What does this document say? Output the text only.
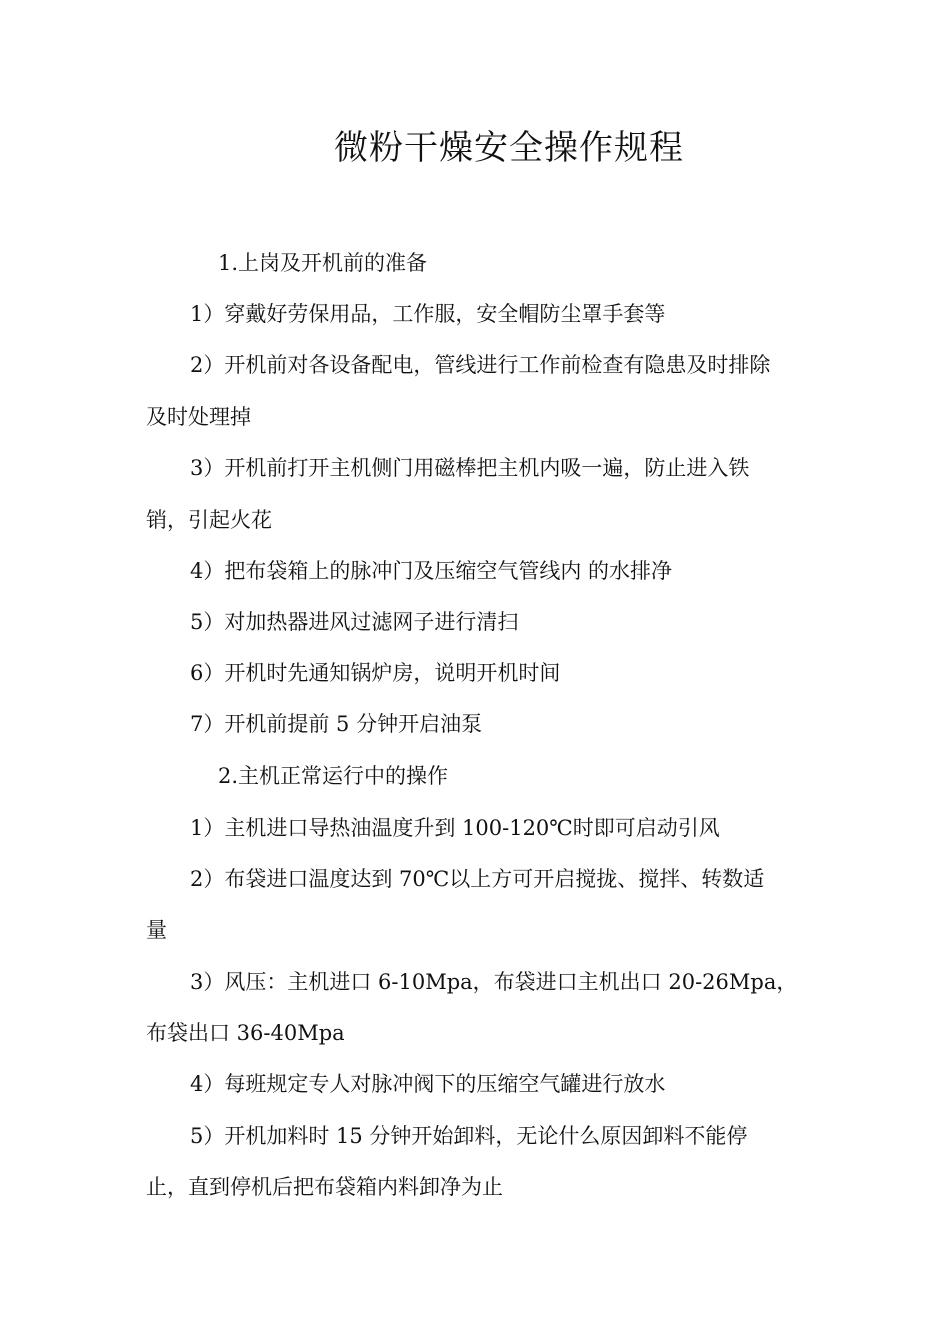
微粉干燥安全操作规程
1.上岗及开机前的准备
1）穿戴好劳保用品，工作服，安全帽防尘罩手套等
2）开机前对各设备配电，管线进行工作前检查有隐患及时排除
及时处理掉
3）开机前打开主机侧门用磁棒把主机内吸一遍，防止进入铁
销，引起火花
4）把布袋箱上的脉冲门及压缩空气管线内 的水排净
5）对加热器进风过滤网子进行清扫
6）开机时先通知锅炉房，说明开机时间
7）开机前提前 5 分钟开启油泵
2.主机正常运行中的操作
1）主机进口导热油温度升到 100-120℃时即可启动引风
2）布袋进口温度达到 70℃以上方可开启搅拢、搅拌、转数适
量
3）风压：主机进口 6-10Mpa，布袋进口主机出口 20-26Mpa，
布袋出口 36-40Mpa
4）每班规定专人对脉冲阀下的压缩空气罐进行放水
5）开机加料时 15 分钟开始卸料，无论什么原因卸料不能停
止，直到停机后把布袋箱内料卸净为止
